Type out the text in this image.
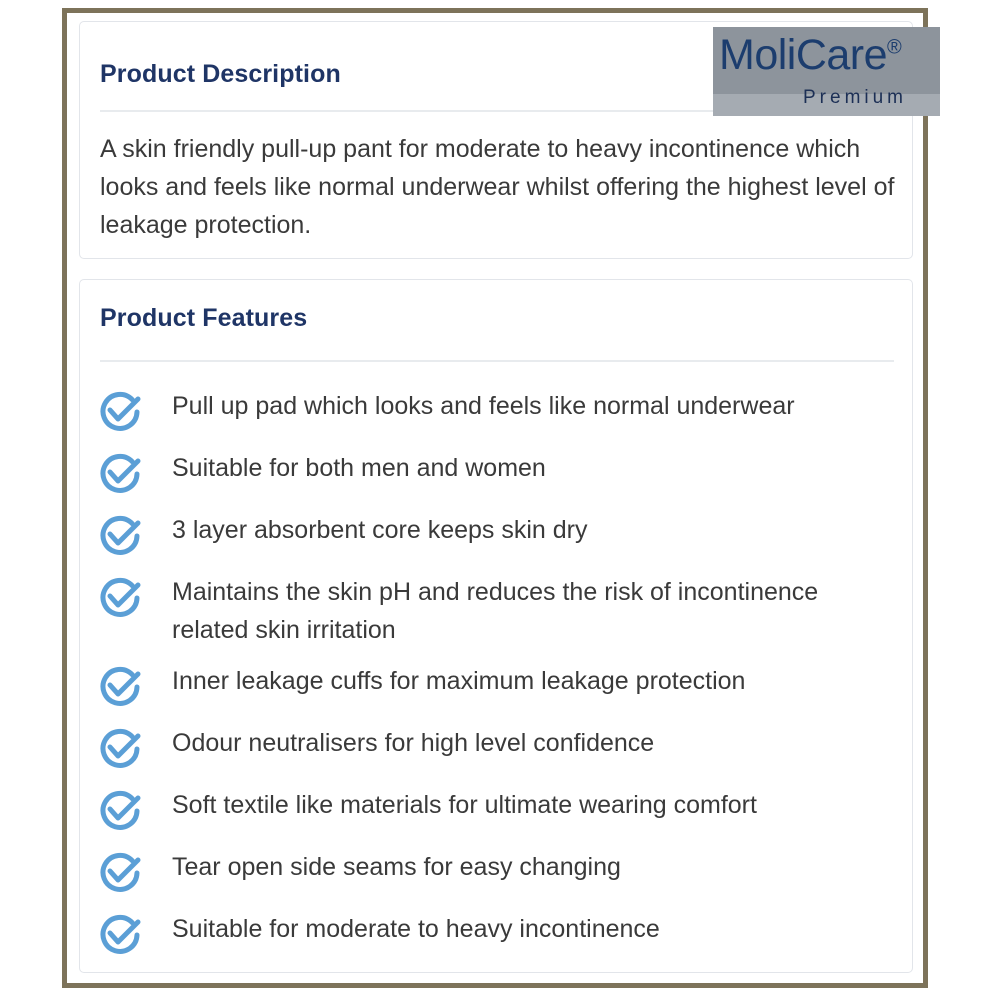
Product Description

A skin friendly pull-up pant for moderate to heavy incontinence which looks and feels like normal underwear whilst offering the highest level of leakage protection.

MoliCare®

Premium

Product Features
Pull up pad which looks and feels like normal underwear
Suitable for both men and women
3 layer absorbent core keeps skin dry
Maintains the skin pH and reduces the risk of incontinence related skin irritation
Inner leakage cuffs for maximum leakage protection
Odour neutralisers for high level confidence
Soft textile like materials for ultimate wearing comfort
Tear open side seams for easy changing
Suitable for moderate to heavy incontinence
